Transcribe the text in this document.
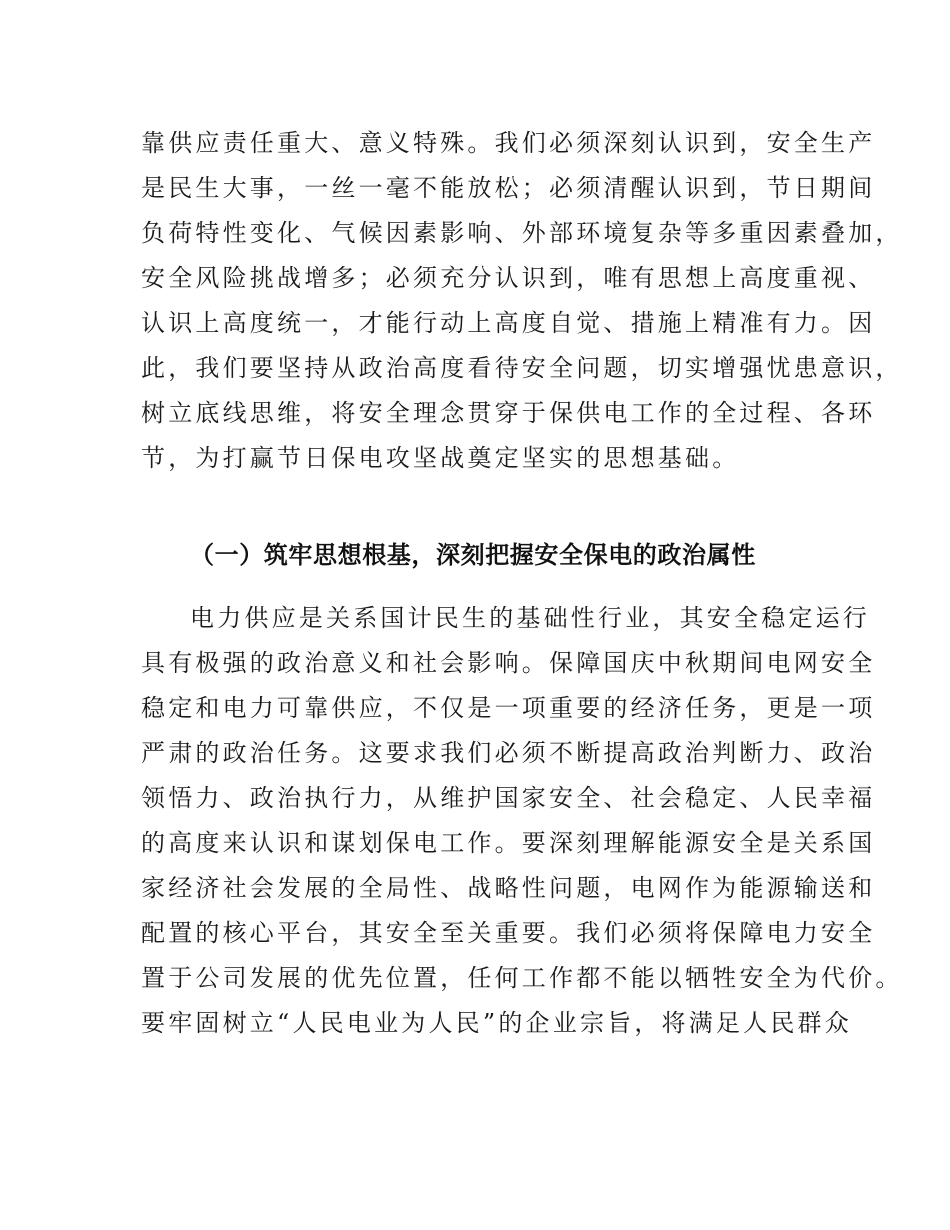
靠供应责任重大、意义特殊。我们必须深刻认识到，安全生产
是民生大事，一丝一毫不能放松；必须清醒认识到，节日期间
负荷特性变化、气候因素影响、外部环境复杂等多重因素叠加，
安全风险挑战增多；必须充分认识到，唯有思想上高度重视、
认识上高度统一，才能行动上高度自觉、措施上精准有力。因
此，我们要坚持从政治高度看待安全问题，切实增强忧患意识，
树立底线思维，将安全理念贯穿于保供电工作的全过程、各环
节，为打赢节日保电攻坚战奠定坚实的思想基础。
（一）筑牢思想根基，深刻把握安全保电的政治属性
电力供应是关系国计民生的基础性行业，其安全稳定运行
具有极强的政治意义和社会影响。保障国庆中秋期间电网安全
稳定和电力可靠供应，不仅是一项重要的经济任务，更是一项
严肃的政治任务。这要求我们必须不断提高政治判断力、政治
领悟力、政治执行力，从维护国家安全、社会稳定、人民幸福
的高度来认识和谋划保电工作。要深刻理解能源安全是关系国
家经济社会发展的全局性、战略性问题，电网作为能源输送和
配置的核心平台，其安全至关重要。我们必须将保障电力安全
置于公司发展的优先位置，任何工作都不能以牺牲安全为代价。
要牢固树立“人民电业为人民”的企业宗旨，将满足人民群众
